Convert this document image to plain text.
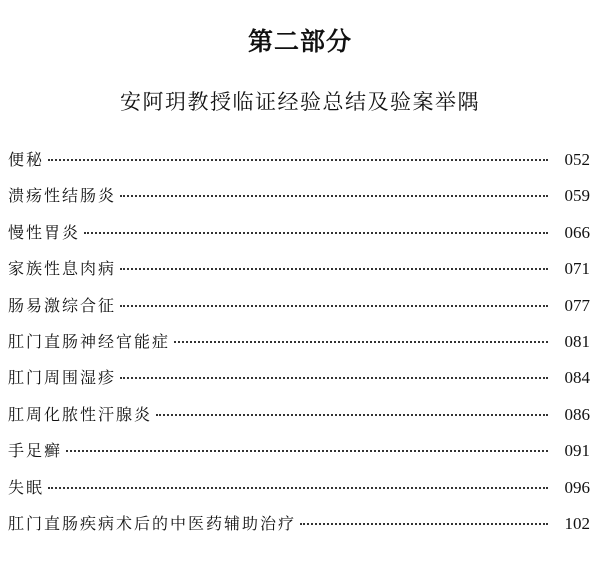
第二部分
安阿玥教授临证经验总结及验案举隅
便秘	052
溃疡性结肠炎	059
慢性胃炎	066
家族性息肉病	071
肠易激综合征	077
肛门直肠神经官能症	081
肛门周围湿疹	084
肛周化脓性汗腺炎	086
手足癣	091
失眠	096
肛门直肠疾病术后的中医药辅助治疗	102
